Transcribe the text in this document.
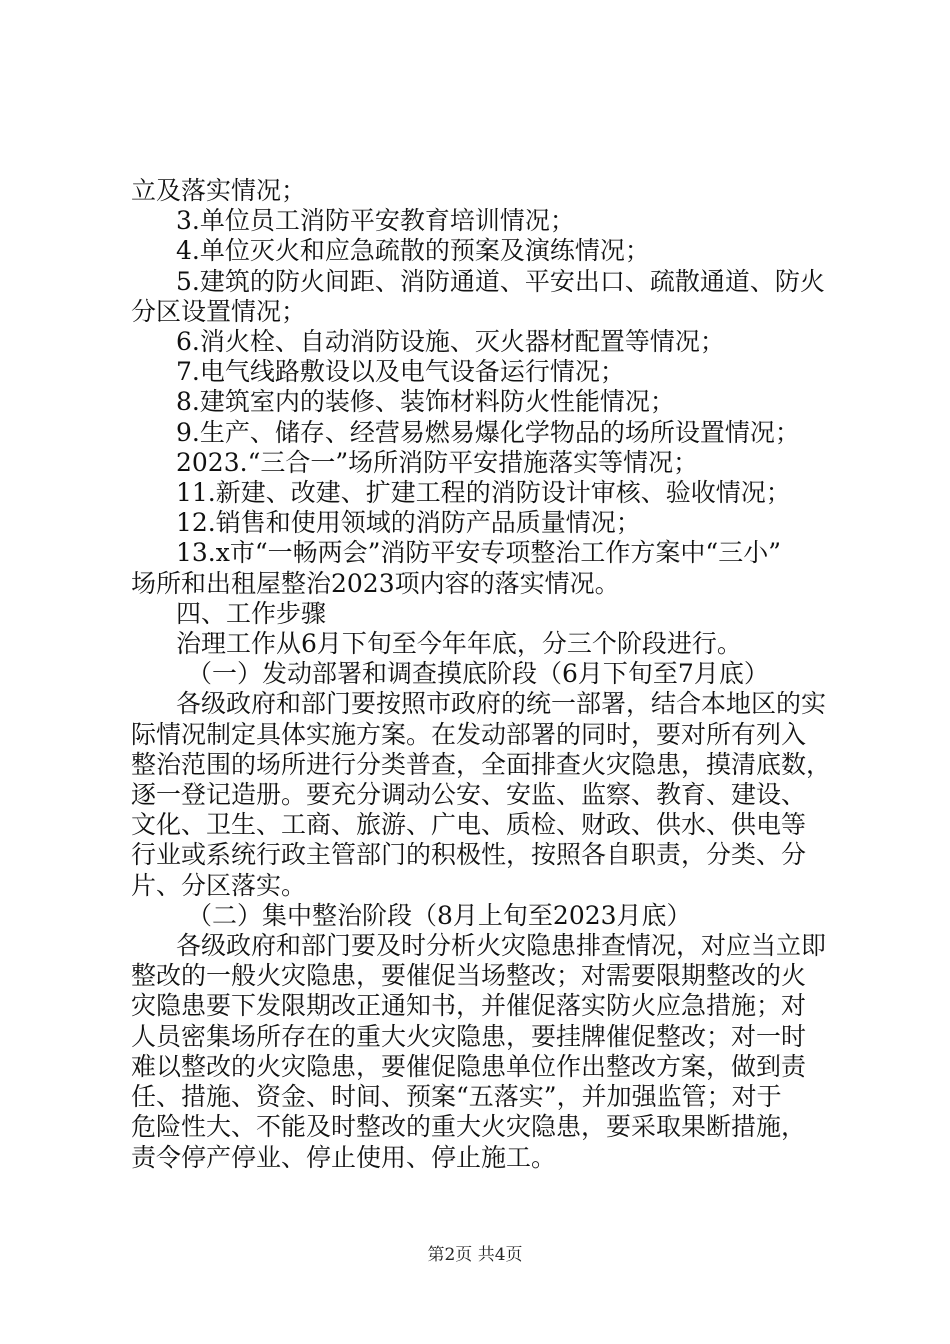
立及落实情况；

3.单位员工消防平安教育培训情况；

4.单位灭火和应急疏散的预案及演练情况；

5.建筑的防火间距、消防通道、平安出口、疏散通道、防火

分区设置情况；

6.消火栓、自动消防设施、灭火器材配置等情况；

7.电气线路敷设以及电气设备运行情况；

8.建筑室内的装修、装饰材料防火性能情况；

9.生产、储存、经营易燃易爆化学物品的场所设置情况；

2023.“三合一”场所消防平安措施落实等情况；

11.新建、改建、扩建工程的消防设计审核、验收情况；

12.销售和使用领域的消防产品质量情况；

13.x市“一畅两会”消防平安专项整治工作方案中“三小”

场所和出租屋整治2023项内容的落实情况。

四、工作步骤

治理工作从6月下旬至今年年底，分三个阶段进行。

（一）发动部署和调查摸底阶段（6月下旬至7月底）

各级政府和部门要按照市政府的统一部署，结合本地区的实

际情况制定具体实施方案。在发动部署的同时，要对所有列入

整治范围的场所进行分类普查，全面排查火灾隐患，摸清底数，

逐一登记造册。要充分调动公安、安监、监察、教育、建设、

文化、卫生、工商、旅游、广电、质检、财政、供水、供电等

行业或系统行政主管部门的积极性，按照各自职责，分类、分

片、分区落实。

（二）集中整治阶段（8月上旬至2023月底）

各级政府和部门要及时分析火灾隐患排查情况，对应当立即

整改的一般火灾隐患，要催促当场整改；对需要限期整改的火

灾隐患要下发限期改正通知书，并催促落实防火应急措施；对

人员密集场所存在的重大火灾隐患，要挂牌催促整改；对一时

难以整改的火灾隐患，要催促隐患单位作出整改方案，做到责

任、措施、资金、时间、预案“五落实”，并加强监管；对于

危险性大、不能及时整改的重大火灾隐患，要采取果断措施，

责令停产停业、停止使用、停止施工。

第2页 共4页
